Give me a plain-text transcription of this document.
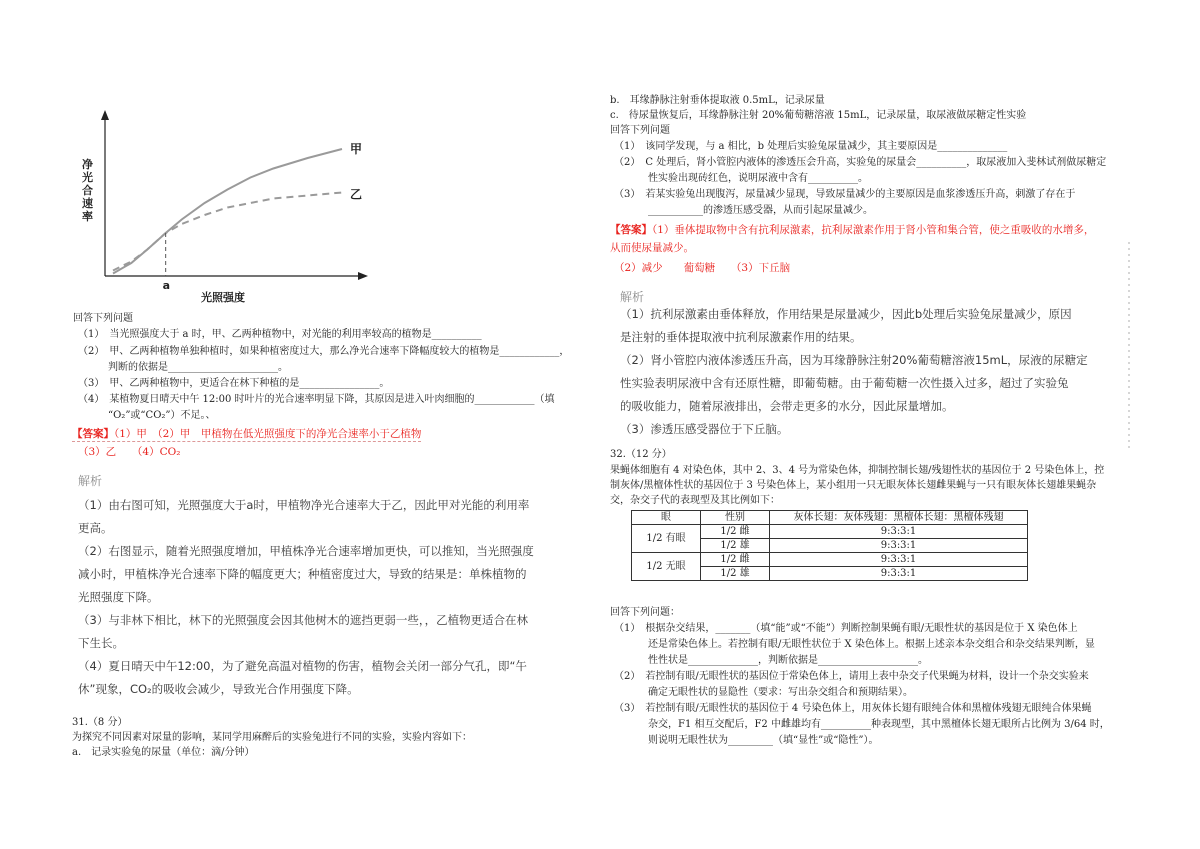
甲
乙
a
光照强度
净光合速率
回答下列问题
（1）　当光照强度大于 a 时，甲、乙两种植物中，对光能的利用率较高的植物是__________
（2）　甲、乙两种植物单独种植时，如果种植密度过大，那么净光合速率下降幅度较大的植物是____________，
判断的依据是______________________。
（3）　甲、乙两种植物中，更适合在林下种植的是________________。
（4）　某植物夏日晴天中午 12:00 时叶片的光合速率明显下降，其原因是进入叶肉细胞的____________（填
“O₂”或“CO₂”）不足。、
【答案】（1）甲　（2）甲　甲植物在低光照强度下的净光合速率小于乙植物
（3）乙　　（4）CO₂
解析
（1）由右图可知，光照强度大于a时，甲植物净光合速率大于乙，因此甲对光能的利用率
更高。
（2）右图显示，随着光照强度增加，甲植株净光合速率增加更快，可以推知，当光照强度
减小时，甲植株净光合速率下降的幅度更大；种植密度过大，导致的结果是：单株植物的
光照强度下降。
（3）与非林下相比，林下的光照强度会因其他树木的遮挡更弱一些，，乙植物更适合在林
下生长。
（4）夏日晴天中午12:00，为了避免高温对植物的伤害，植物会关闭一部分气孔，即“午
休”现象，CO₂的吸收会减少，导致光合作用强度下降。
31.（8 分）
为探究不同因素对尿量的影响，某同学用麻醉后的实验兔进行不同的实验，实验内容如下：
a.　记录实验兔的尿量（单位：滴/分钟）
b.　耳缘静脉注射垂体提取液 0.5mL，记录尿量
c.　待尿量恢复后，耳缘静脉注射 20%葡萄糖溶液 15mL，记录尿量，取尿液做尿糖定性实验
回答下列问题
（1）　该同学发现，与 a 相比，b 处理后实验兔尿量减少，其主要原因是______________
（2）　C 处理后，肾小管腔内液体的渗透压会升高，实验兔的尿量会__________，取尿液加入斐林试剂做尿糖定
性实验出现砖红色，说明尿液中含有__________。
（3）　若某实验兔出现腹泻，尿量减少显现，导致尿量减少的主要原因是血浆渗透压升高，刺激了存在于
___________的渗透压感受器，从而引起尿量减少。
【答案】（1）垂体提取物中含有抗利尿激素，抗利尿激素作用于肾小管和集合管，使之重吸收的水增多，
从而使尿量减少。
（2）减少　　葡萄糖　　（3）下丘脑
解析
（1）抗利尿激素由垂体释放，作用结果是尿量减少，因此b处理后实验兔尿量减少，原因
是注射的垂体提取液中抗利尿激素作用的结果。
（2）肾小管腔内液体渗透压升高，因为耳缘静脉注射20%葡萄糖溶液15mL，尿液的尿糖定
性实验表明尿液中含有还原性糖，即葡萄糖。由于葡萄糖一次性摄入过多，超过了实验兔
的吸收能力，随着尿液排出，会带走更多的水分，因此尿量增加。
（3）渗透压感受器位于下丘脑。
32.（12 分）
果蝇体细胞有 4 对染色体，其中 2、3、4 号为常染色体，抑制控制长翅/残翅性状的基因位于 2 号染色体上，控
制灰体/黑檀体性状的基因位于 3 号染色体上，某小组用一只无眼灰体长翅雌果蝇与一只有眼灰体长翅雄果蝇杂
交，杂交子代的表现型及其比例如下：
眼	性别	灰体长翅：灰体残翅：黑檀体长翅：黑檀体残翅
1/2 有眼	1/2 雌	9:3:3:1
	1/2 雄	9:3:3:1
1/2 无眼	1/2 雌	9:3:3:1
	1/2 雄	9:3:3:1
回答下列问题：
（1）　根据杂交结果，_______（填“能”或“不能”）判断控制果蝇有眼/无眼性状的基因是位于 X 染色体上
还是常染色体上。若控制有眼/无眼性状位于 X 染色体上。根据上述亲本杂交组合和杂交结果判断，显
性性状是______________，判断依据是____________________。
（2）　若控制有眼/无眼性状的基因位于常染色体上，请用上表中杂交子代果蝇为材料，设计一个杂交实验来
确定无眼性状的显隐性（要求：写出杂交组合和预期结果）。
（3）　若控制有眼/无眼性状的基因位于 4 号染色体上，用灰体长翅有眼纯合体和黑檀体残翅无眼纯合体果蝇
杂交，F1 相互交配后，F2 中雌雄均有__________种表现型，其中黑檀体长翅无眼所占比例为 3/64 时，
则说明无眼性状为_________（填“显性”或“隐性”）。
